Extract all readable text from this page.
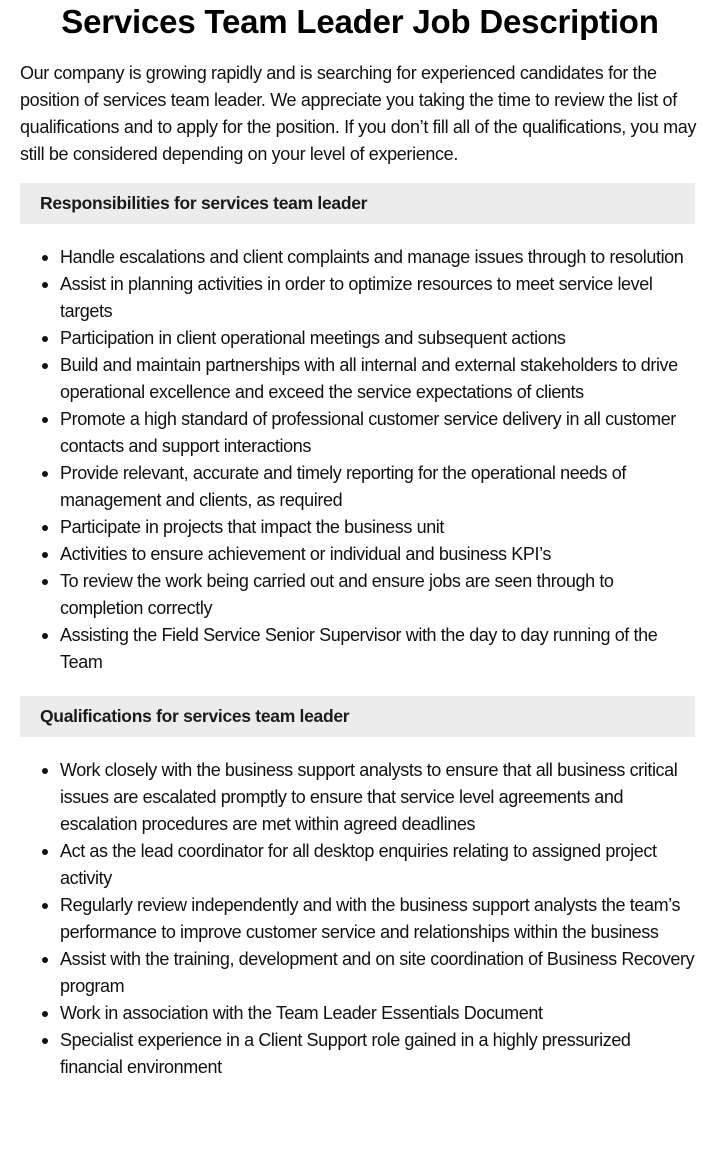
Services Team Leader Job Description

Our company is growing rapidly and is searching for experienced candidates for the position of services team leader. We appreciate you taking the time to review the list of qualifications and to apply for the position. If you don’t fill all of the qualifications, you may still be considered depending on your level of experience.

Responsibilities for services team leader
Handle escalations and client complaints and manage issues through to resolution
Assist in planning activities in order to optimize resources to meet service level targets
Participation in client operational meetings and subsequent actions
Build and maintain partnerships with all internal and external stakeholders to drive operational excellence and exceed the service expectations of clients
Promote a high standard of professional customer service delivery in all customer contacts and support interactions
Provide relevant, accurate and timely reporting for the operational needs of management and clients, as required
Participate in projects that impact the business unit
Activities to ensure achievement or individual and business KPI’s
To review the work being carried out and ensure jobs are seen through to completion correctly
Assisting the Field Service Senior Supervisor with the day to day running of the Team
Qualifications for services team leader
Work closely with the business support analysts to ensure that all business critical issues are escalated promptly to ensure that service level agreements and escalation procedures are met within agreed deadlines
Act as the lead coordinator for all desktop enquiries relating to assigned project activity
Regularly review independently and with the business support analysts the team’s performance to improve customer service and relationships within the business
Assist with the training, development and on site coordination of Business Recovery program
Work in association with the Team Leader Essentials Document
Specialist experience in a Client Support role gained in a highly pressurized financial environment
